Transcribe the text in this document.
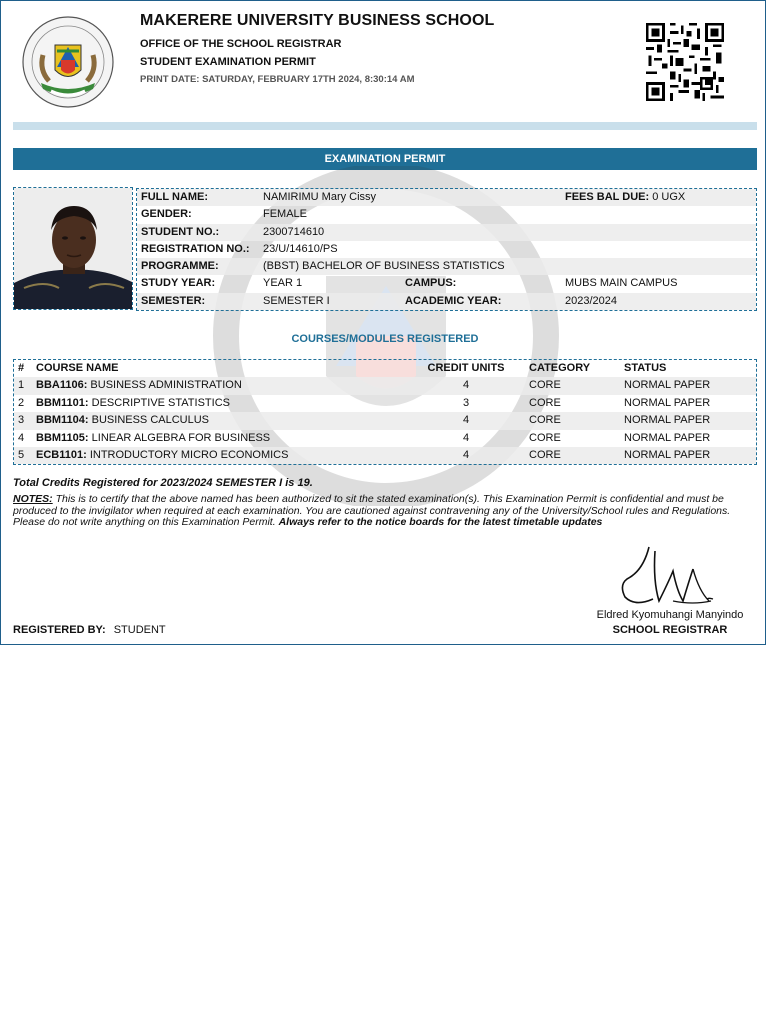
MAKERERE UNIVERSITY BUSINESS SCHOOL
OFFICE OF THE SCHOOL REGISTRAR
STUDENT EXAMINATION PERMIT
PRINT DATE: SATURDAY, FEBRUARY 17TH 2024, 8:30:14 AM
EXAMINATION PERMIT
FULL NAME:	NAMIRIMU Mary Cissy	FEES BAL DUE: 0 UGX
GENDER:	FEMALE
STUDENT NO.:	2300714610
REGISTRATION NO.: 23/U/14610/PS
PROGRAMME:	(BBST) BACHELOR OF BUSINESS STATISTICS
STUDY YEAR:	YEAR 1	CAMPUS:	MUBS MAIN CAMPUS
SEMESTER:	SEMESTER I	ACADEMIC YEAR:	2023/2024
COURSES/MODULES REGISTERED
# COURSE NAME	CREDIT UNITS	CATEGORY	STATUS
1 BBA1106: BUSINESS ADMINISTRATION	4	CORE	NORMAL PAPER
2 BBM1101: DESCRIPTIVE STATISTICS	3	CORE	NORMAL PAPER
3 BBM1104: BUSINESS CALCULUS	4	CORE	NORMAL PAPER
4 BBM1105: LINEAR ALGEBRA FOR BUSINESS	4	CORE	NORMAL PAPER
5 ECB1101: INTRODUCTORY MICRO ECONOMICS	4	CORE	NORMAL PAPER
Total Credits Registered for 2023/2024 SEMESTER I is 19.
NOTES: This is to certify that the above named has been authorized to sit the stated examination(s). This Examination Permit is confidential and must be produced to the invigilator when required at each examination. You are cautioned against contravening any of the University/School rules and Regulations. Please do not write anything on this Examination Permit. Always refer to the notice boards for the latest timetable updates
Eldred Kyomuhangi Manyindo
SCHOOL REGISTRAR
REGISTERED BY: STUDENT
